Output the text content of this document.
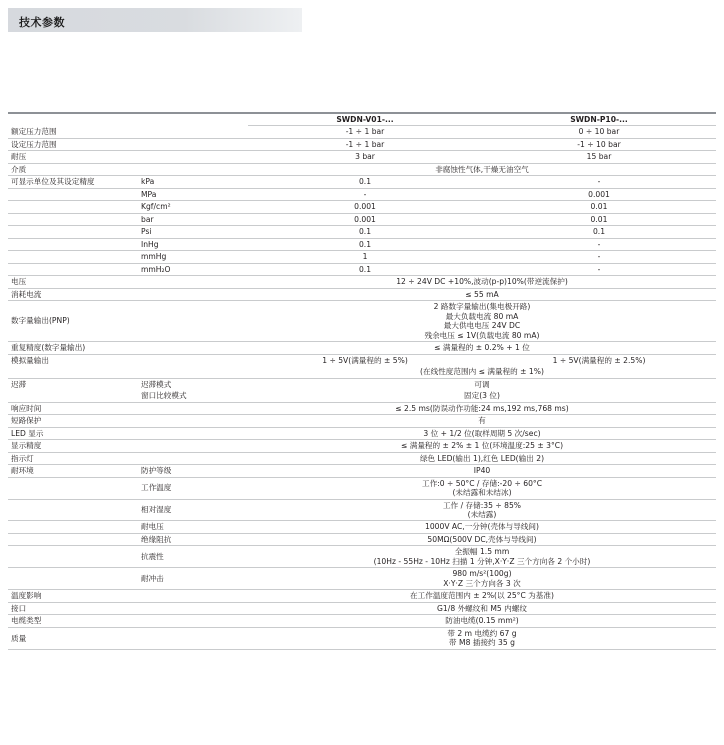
技术参数
		SWDN-V01-...	SWDN-P10-...
额定压力范围		-1 ÷ 1 bar	0 ÷ 10 bar
设定压力范围		-1 ÷ 1 bar	-1 ÷ 10 bar
耐压		3 bar	15 bar
介质		非腐蚀性气体,干燥无油空气	
可显示单位及其设定精度	kPa	0.1	-
	MPa	-	0.001
	Kgf/cm²	0.001	0.01
	bar	0.001	0.01
	Psi	0.1	0.1
	InHg	0.1	-
	mmHg	1	-
	mmH₂O	0.1	-
电压		12 ÷ 24V DC +10%,波动(p-p)10%(带逆流保护)	
消耗电流		≤ 55 mA	
数字量输出(PNP)		2 路数字量输出(集电极开路)
最大负载电流 80 mA
最大供电电压 24V DC
残余电压 ≤ 1V(负载电流 80 mA)	

重复精度(数字量输出)		≤ 满量程的 ± 0.2% + 1 位	
模拟量输出		1 ÷ 5V(满量程的 ± 5%)	1 ÷ 5V(满量程的 ± 2.5%)
		(在线性度范围内 ≤ 满量程的 ± 1%)	
迟滞	迟滞模式	可调	
	窗口比较模式	固定(3 位)	
响应时间		≤ 2.5 ms(防误动作功能:24 ms,192 ms,768 ms)	
短路保护		有	
LED 显示		3 位 + 1/2 位(取样周期 5 次/sec)	
显示精度		≤ 满量程的 ± 2% ± 1 位(环境温度:25 ± 3°C)	
指示灯		绿色 LED(输出 1),红色 LED(输出 2)	
耐环境	防护等级	IP40	
	工作温度	工作:0 ÷ 50°C / 存储:-20 ÷ 60°C
(未结露和未结冰)	

	相对湿度	工作 / 存储:35 ÷ 85%
(未结露)	

	耐电压	1000V AC,一分钟(壳体与导线间)	
	绝缘阻抗	50MΩ(500V DC,壳体与导线间)	
	抗震性	全振幅 1.5 mm
(10Hz - 55Hz - 10Hz 扫描 1 分钟,X·Y·Z 三个方向各 2 个小时)	

	耐冲击	980 m/s²(100g)
X·Y·Z 三个方向各 3 次	

温度影响		在工作温度范围内 ± 2%(以 25°C 为基准)	
接口		G1/8 外螺纹和 M5 内螺纹	
电缆类型		防油电缆(0.15 mm²)	
质量		带 2 m 电缆约 67 g
带 M8 插接约 35 g	
